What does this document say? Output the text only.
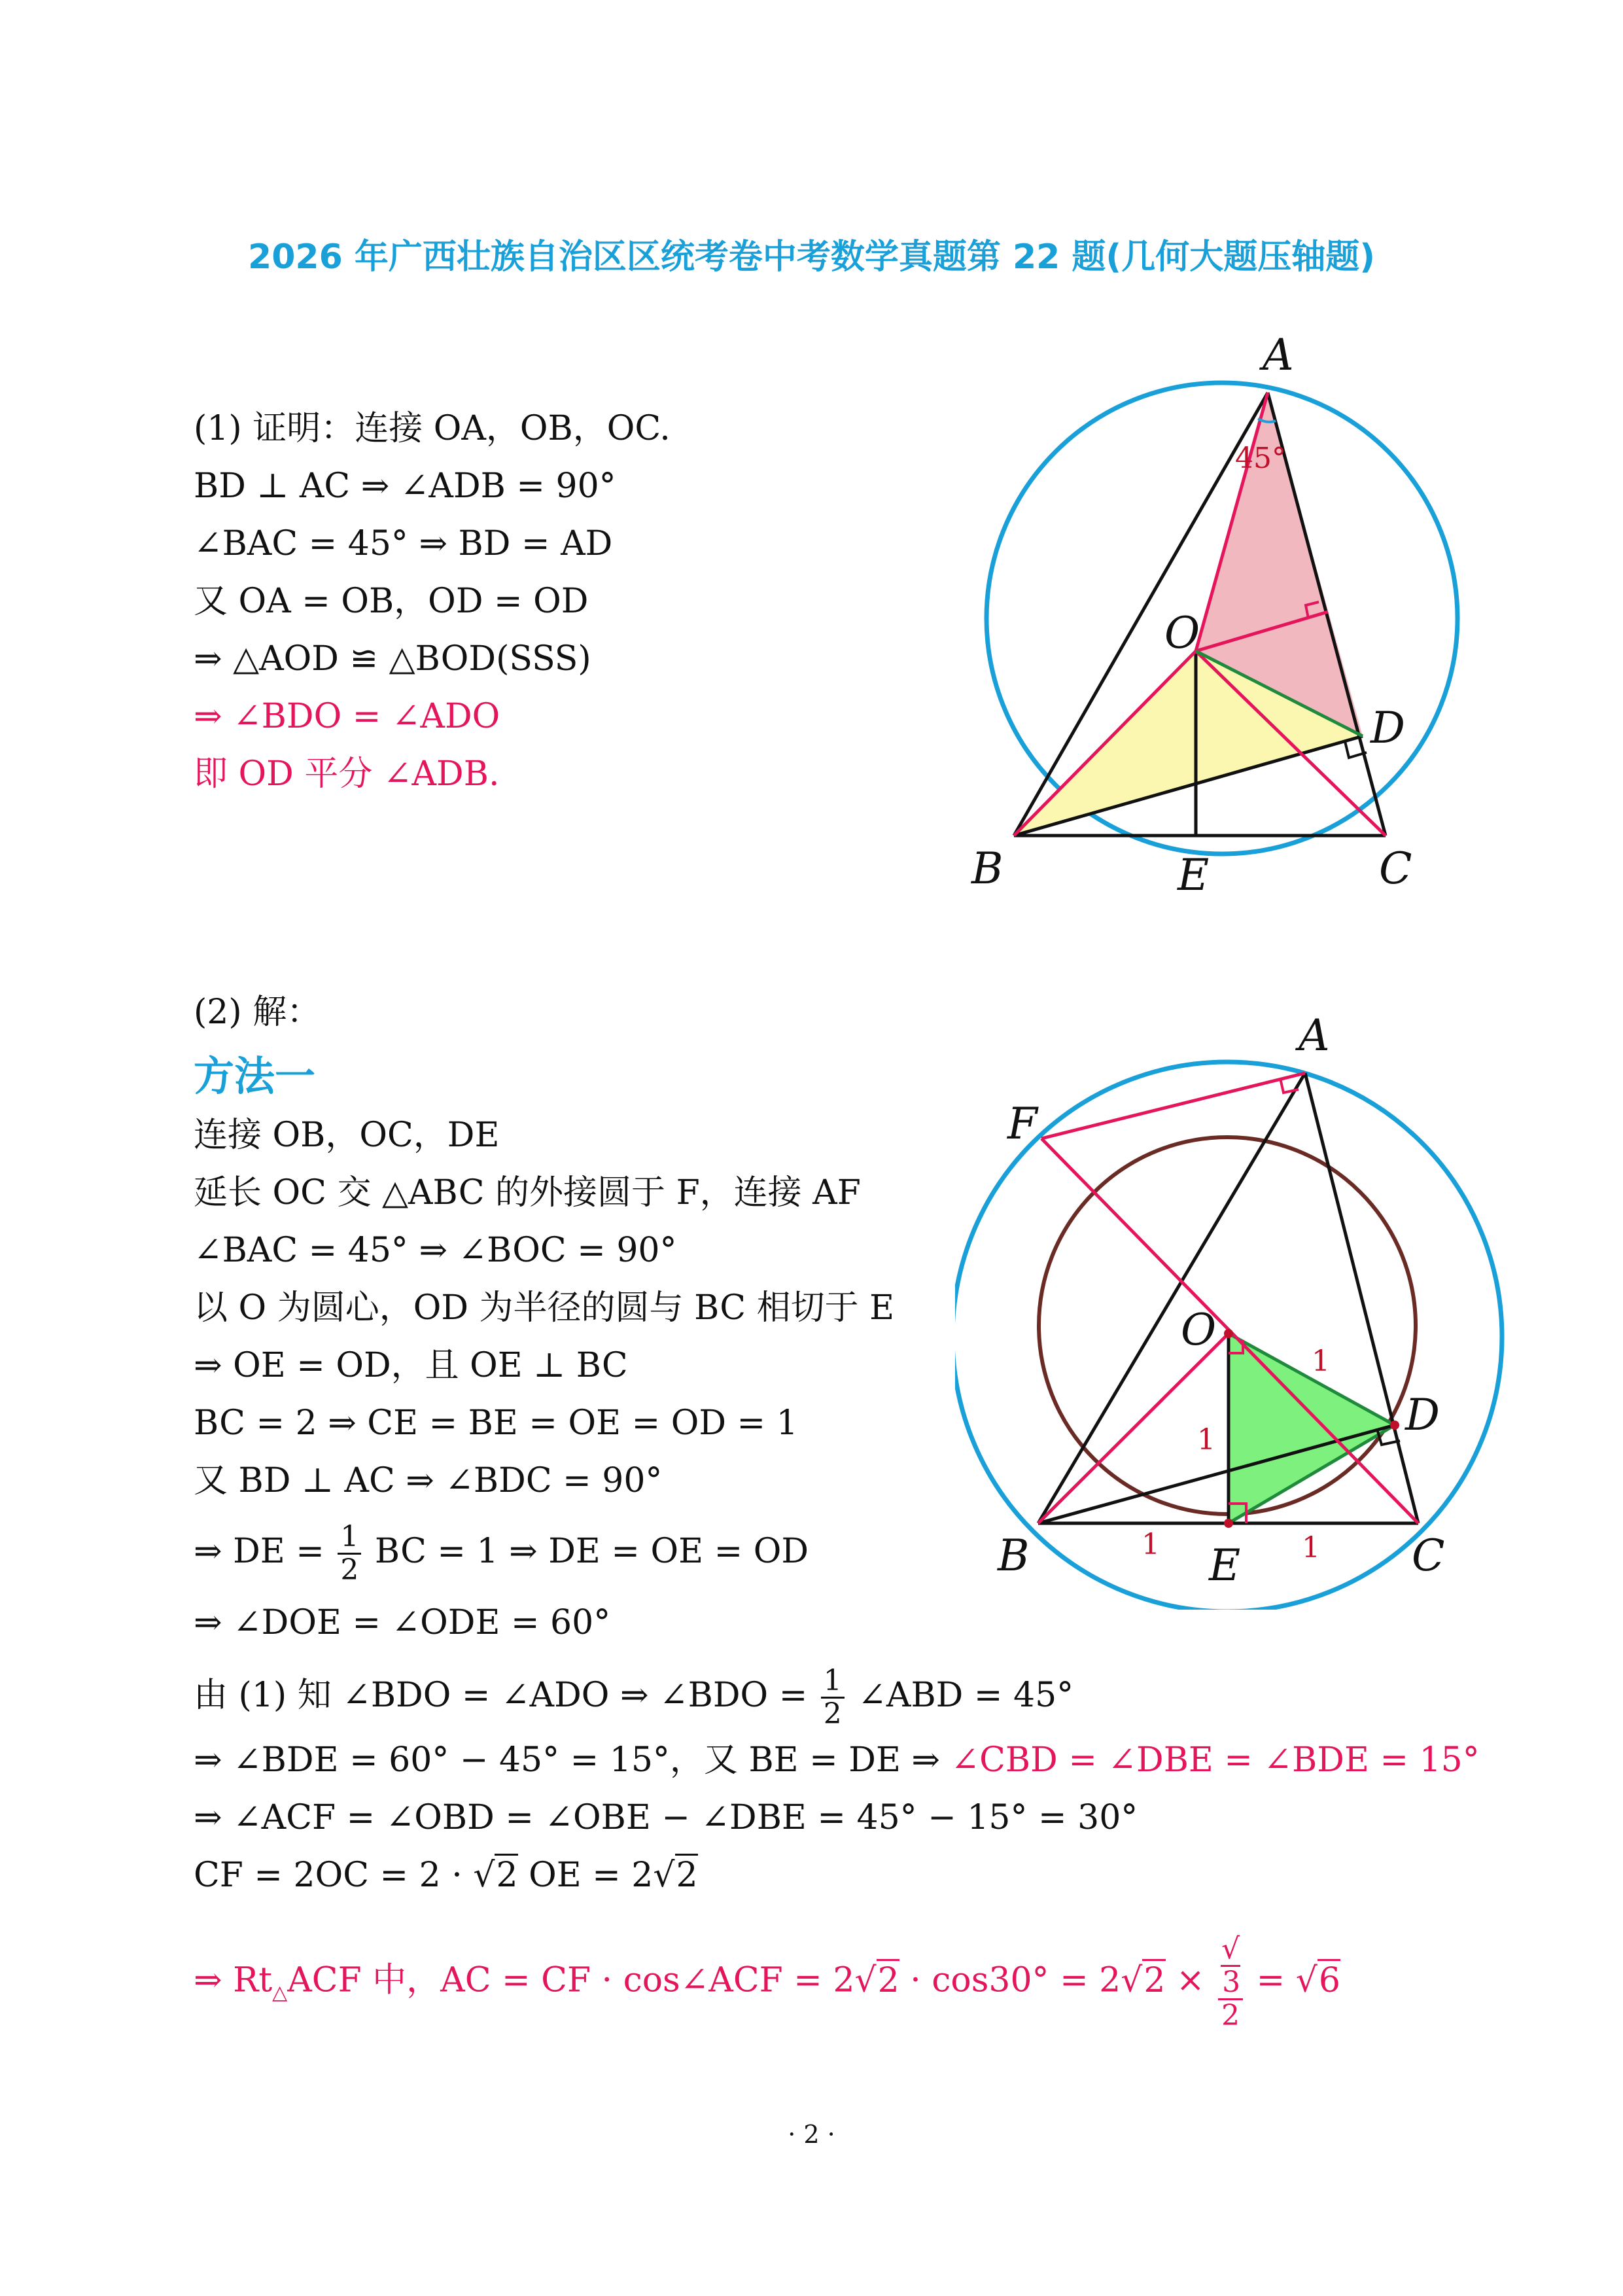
2026 年广西壮族自治区区统考卷中考数学真题第 22 题(几何大题压轴题)
(1) 证明：连接 OA，OB，OC.
BD ⊥ AC ⇒ ∠ADB = 90°
∠BAC = 45° ⇒ BD = AD
又 OA = OB，OD = OD
⇒ △AOD ≌ △BOD(SSS)
⇒ ∠BDO = ∠ADO
即 OD 平分 ∠ADB.
45°
A
B	C
D
E
O
(2) 解：
方法一
连接 OB，OC，DE
延长 OC 交 △ABC 的外接圆于 F，连接 AF
∠BAC = 45° ⇒ ∠BOC = 90°
以 O 为圆心，OD 为半径的圆与 BC 相切于 E
⇒ OE = OD，且 OE ⊥ BC
BC = 2 ⇒ CE = BE = OE = OD = 1
又 BD ⊥ AC ⇒ ∠BDC = 90°
⇒ DE = $\frac{1}{2}$ BC = 1 ⇒ DE = OE = OD
⇒ ∠DOE = ∠ODE = 60°
由 (1) 知 ∠BDO = ∠ADO ⇒ ∠BDO = $\frac{1}{2}$ ∠ABD = 45°
⇒ ∠BDE = 60° − 45° = 15°，又 BE = DE ⇒ ∠CBD = ∠DBE = ∠BDE = 15°
⇒ ∠ACF = ∠OBD = ∠OBE − ∠DBE = 45° − 15° = 30°
CF = 2OC = 2 · √2 OE = 2√2
⇒ $Rt_\triangle ACF$ 中，AC = CF · cos∠ACF = 2√2 · cos30° = 2√2 × √
3
2 = √6
1
1
1	1
A
F
O
D
B	E	C
· 2 ·
